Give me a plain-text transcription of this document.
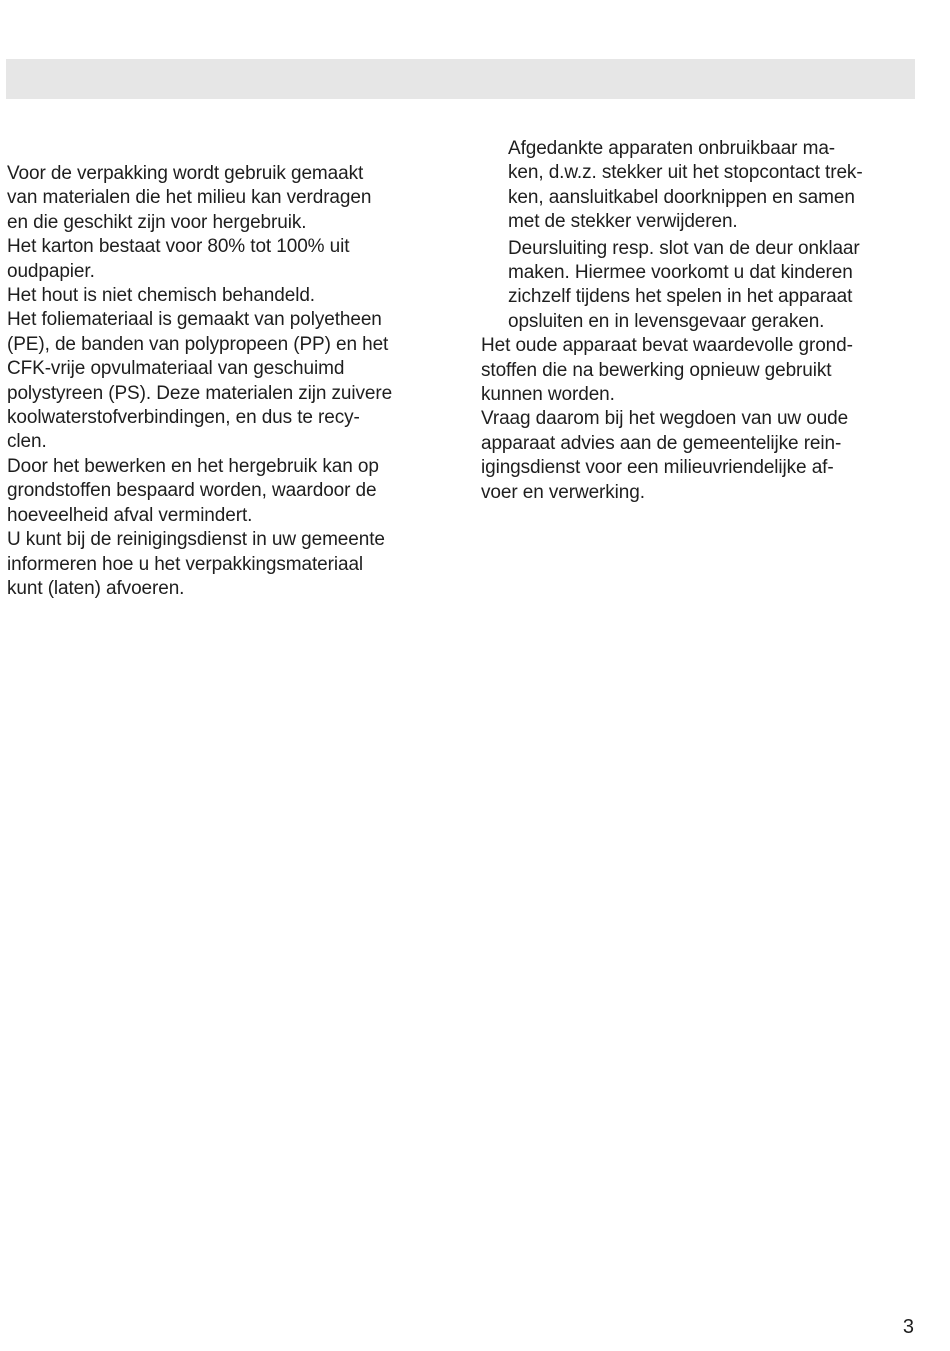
Voor de verpakking wordt gebruik gemaakt
van materialen die het milieu kan verdragen
en die geschikt zijn voor hergebruik.
Het karton bestaat voor 80% tot 100% uit
oudpapier.
Het hout is niet chemisch behandeld.
Het foliemateriaal is gemaakt van polyetheen
(PE), de banden van polypropeen (PP) en het
CFK-vrije opvulmateriaal van geschuimd
polystyreen (PS). Deze materialen zijn zuivere
koolwaterstofverbindingen, en dus te recy-
clen.
Door het bewerken en het hergebruik kan op
grondstoffen bespaard worden, waardoor de
hoeveelheid afval vermindert.
U kunt bij de reinigingsdienst in uw gemeente
informeren hoe u het verpakkingsmateriaal
kunt (laten) afvoeren.
Afgedankte apparaten onbruikbaar ma-
ken, d.w.z. stekker uit het stopcontact trek-
ken, aansluitkabel doorknippen en samen
met de stekker verwijderen.
Deursluiting resp. slot van de deur onklaar
maken. Hiermee voorkomt u dat kinderen
zichzelf tijdens het spelen in het apparaat
opsluiten en in levensgevaar geraken.
Het oude apparaat bevat waardevolle grond-
stoffen die na bewerking opnieuw gebruikt
kunnen worden.
Vraag daarom bij het wegdoen van uw oude
apparaat advies aan de gemeentelijke rein-
igingsdienst voor een milieuvriendelijke af-
voer en verwerking.
3
